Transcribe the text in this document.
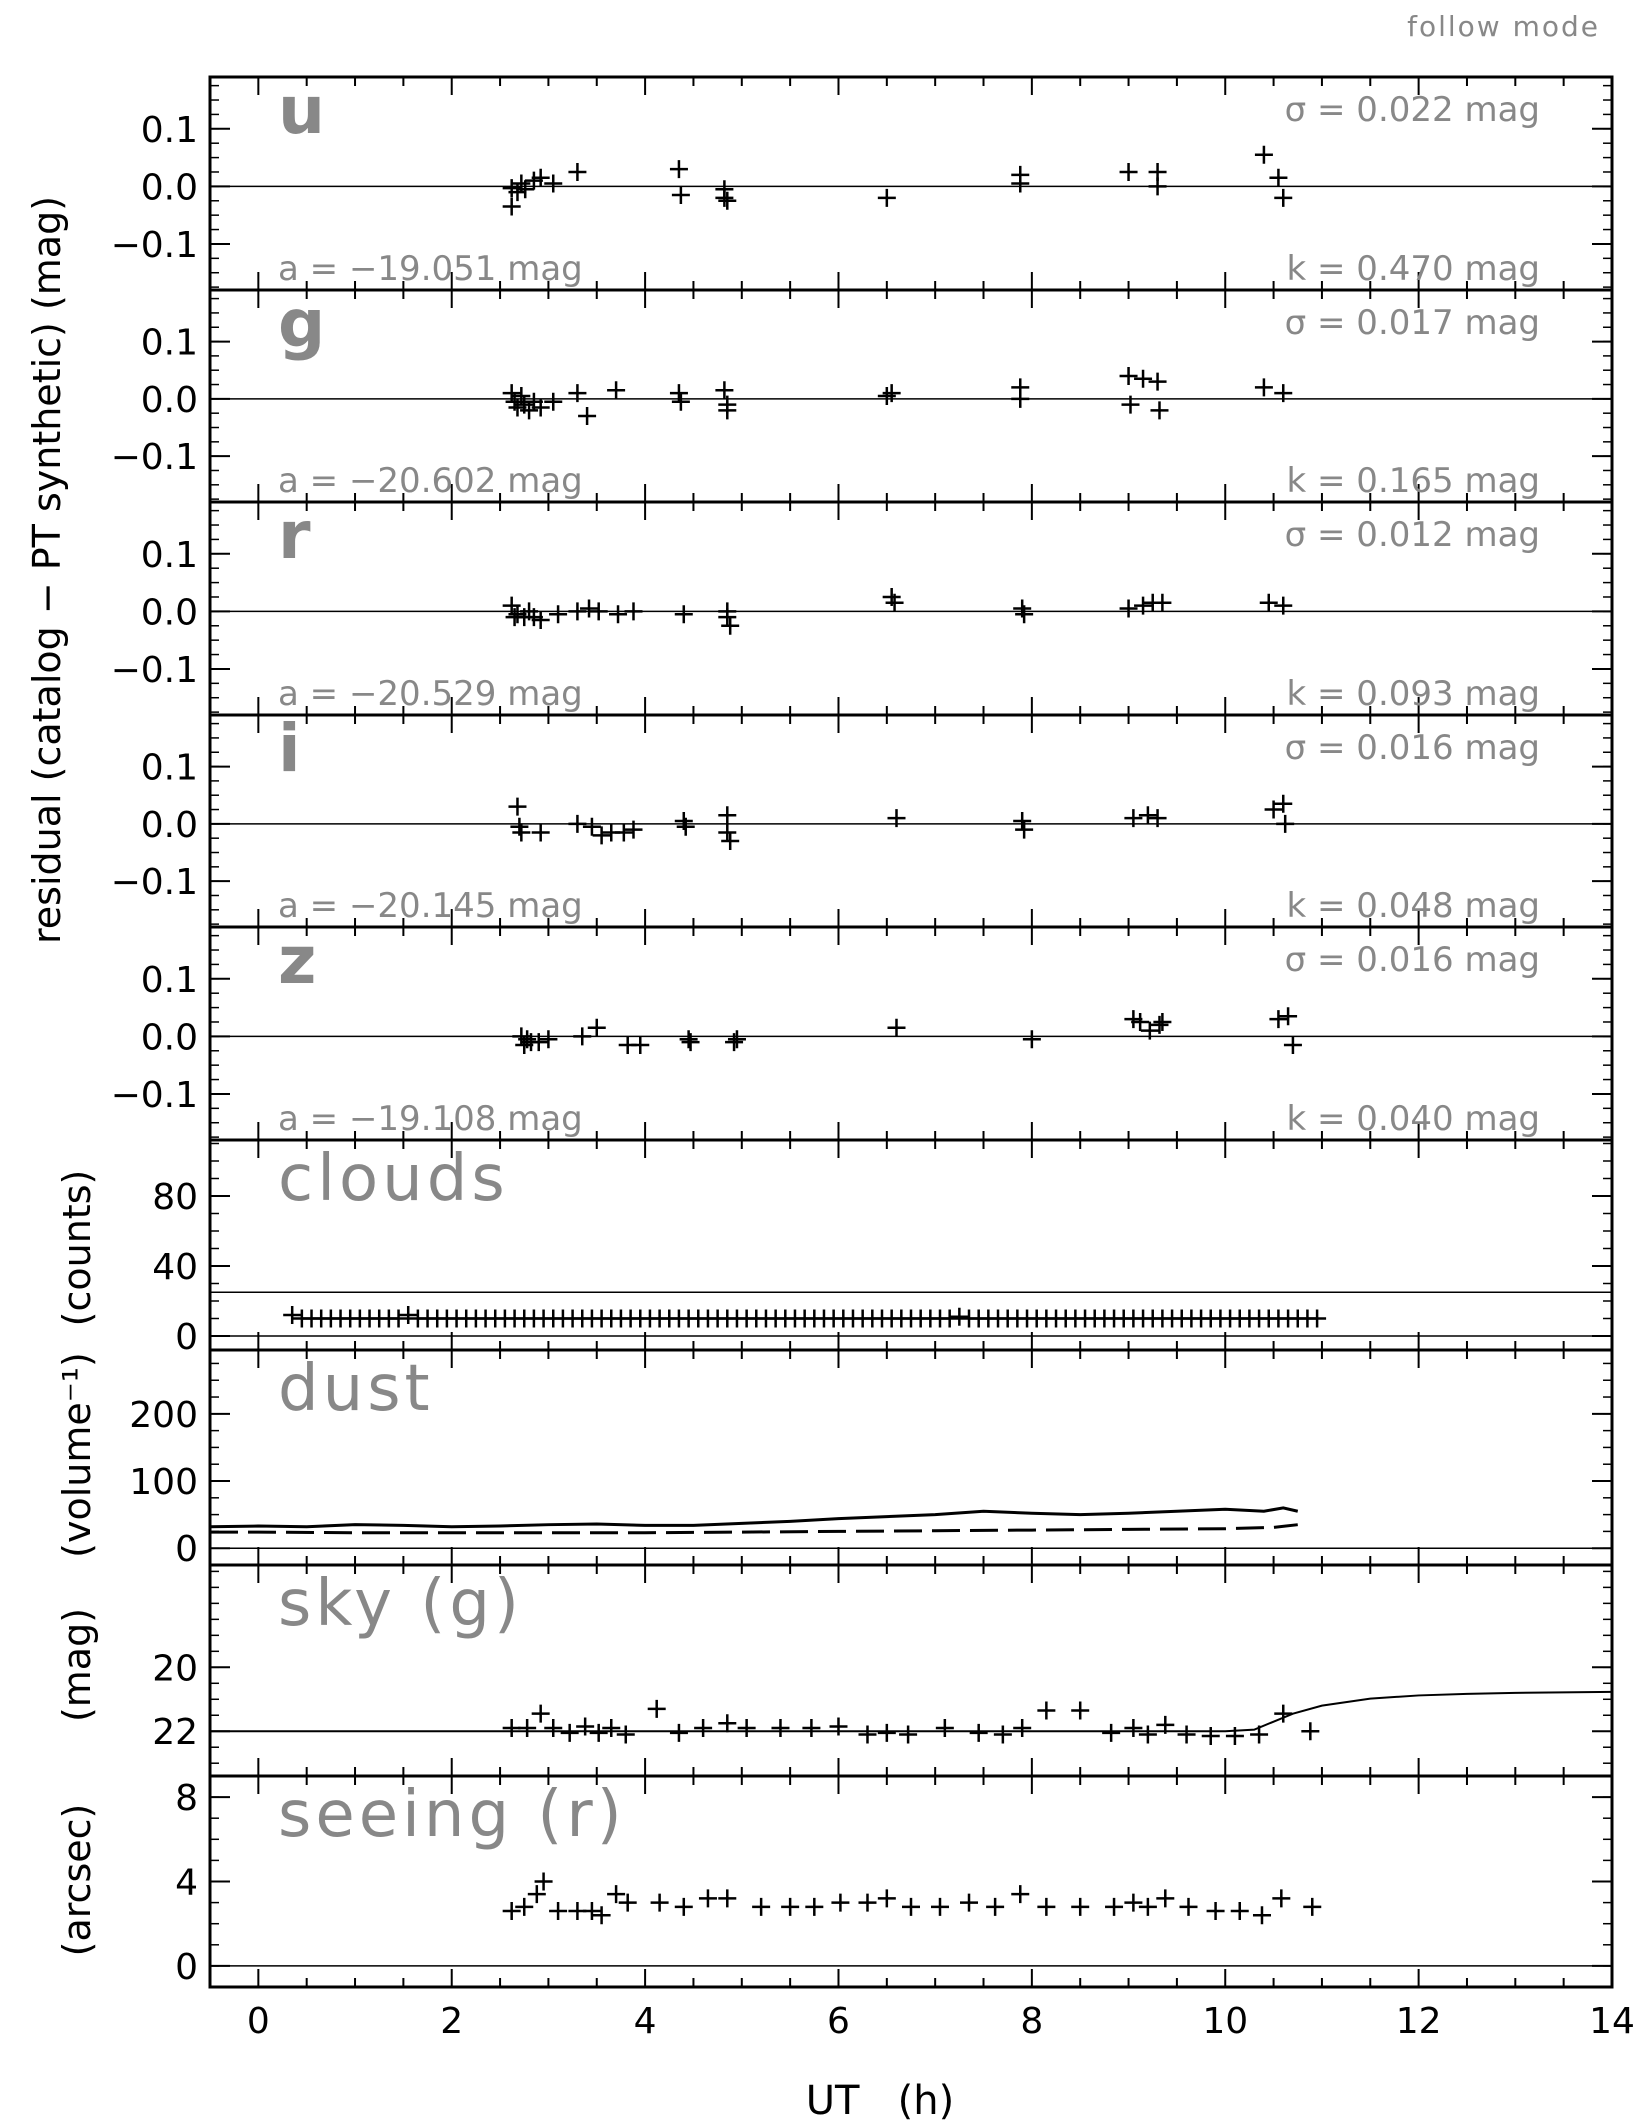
follow mode
residual (catalog − PT synthetic) (mag)
(counts)
(volume⁻¹)
(mag)
(arcsec)
UT   (h)
0.1
0.0
−0.1
u	σ = 0.022 mag
a = −19.051 mag	k = 0.470 mag
0.1
0.0
−0.1
g	σ = 0.017 mag
a = −20.602 mag	k = 0.165 mag
0.1
0.0
−0.1
r	σ = 0.012 mag
a = −20.529 mag	k = 0.093 mag
0.1
0.0
−0.1
i	σ = 0.016 mag
a = −20.145 mag	k = 0.048 mag
0.1
0.0
−0.1
z	σ = 0.016 mag
a = −19.108 mag	k = 0.040 mag
80
40
0
clouds
200
100
0
dust
20
22
sky (g)
8
4
0
seeing (r)
0	2	4	6	8	10	12	14
